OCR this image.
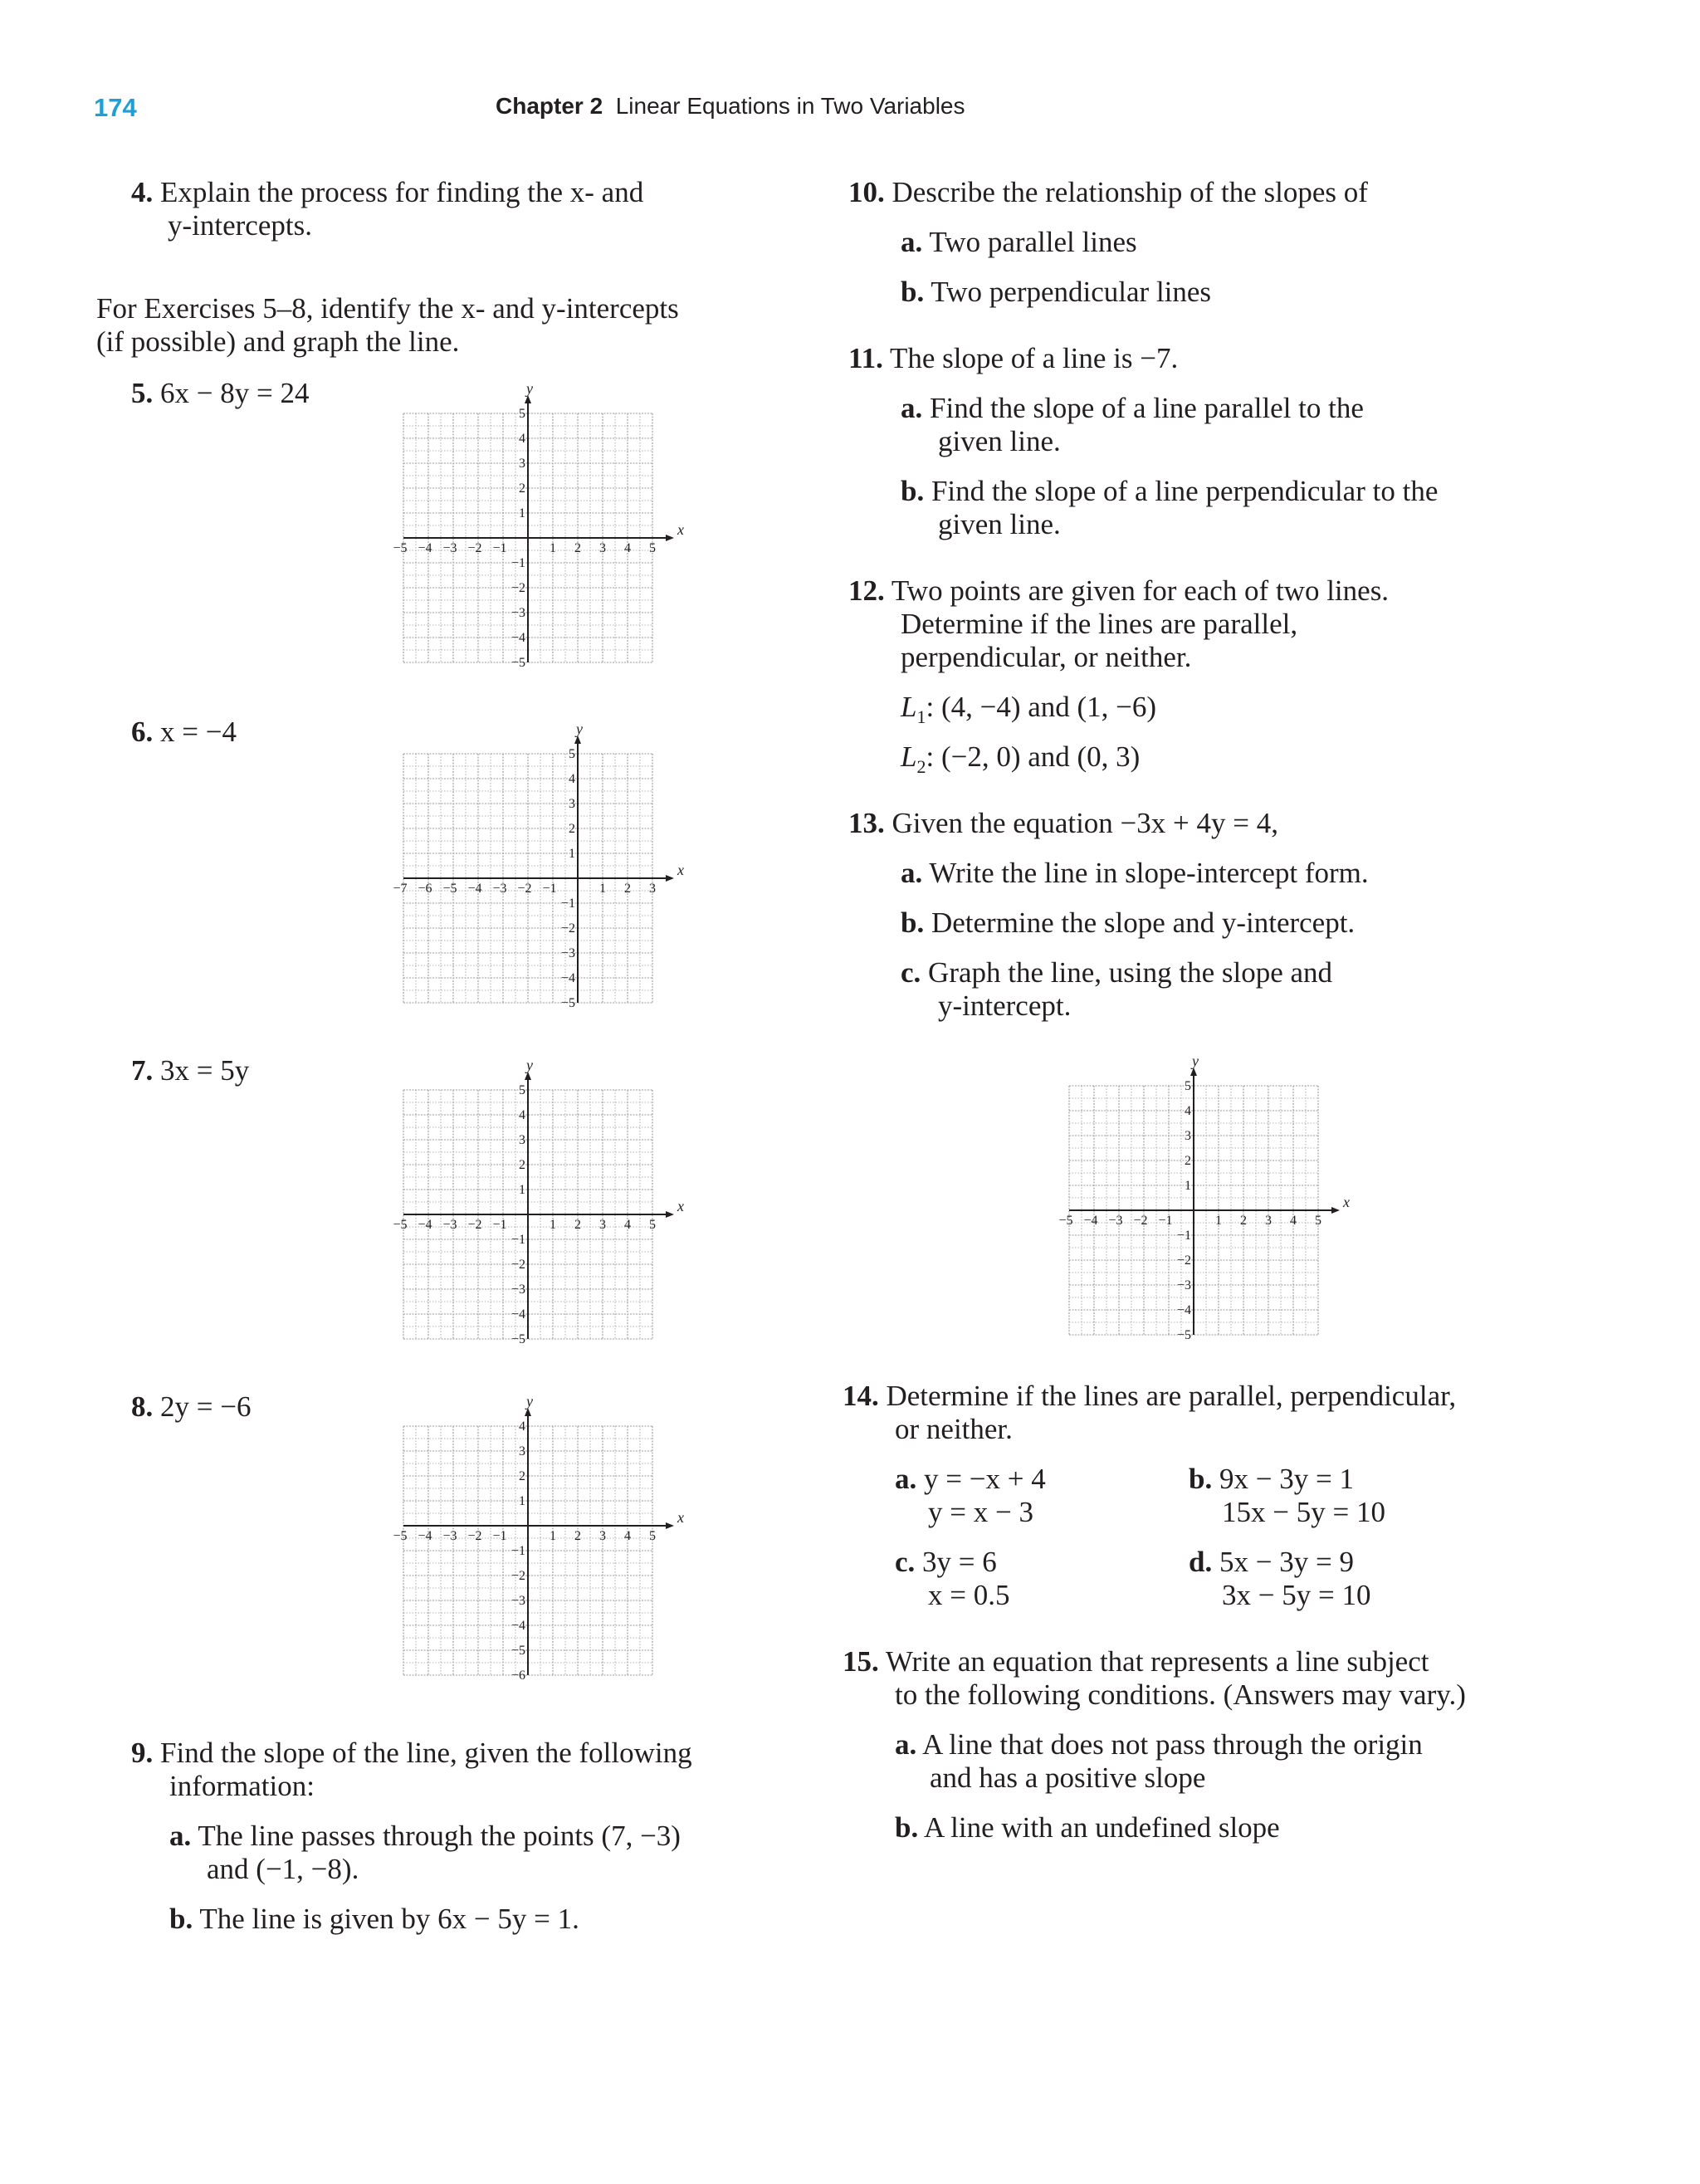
174	Chapter 2 Linear Equations in Two Variables
4. Explain the process for finding the x- and
y-intercepts.
For Exercises 5–8, identify the x- and y-intercepts
(if possible) and graph the line.
5. 6x − 8y = 24
6. x = −4
7. 3x = 5y
8. 2y = −6
x
y
−5 −4 −3 −2 −1	1 2 3 4 5
−5
−4
−3
−2
−1
1
2
3
4
5
x
y
−7 −6 −5 −4 −3 −2 −1	1 2 3
−5
−4
−3
−2
−1
1
2
3
4
5
x
y
−5 −4 −3 −2 −1	1 2 3 4 5
−5
−4
−3
−2
−1
1
2
3
4
5
x
y
−5 −4 −3 −2 −1	1 2 3 4 5
−6
−5
−4
−3
−2
−1
1
2
3
4
x
y
−5 −4 −3 −2 −1	1 2 3 4 5
−5
−4
−3
−2
−1
1
2
3
4
5
9. Find the slope of the line, given the following
information:
a. The line passes through the points (7, −3)
and (−1, −8).
b. The line is given by 6x − 5y = 1.
10. Describe the relationship of the slopes of
a. Two parallel lines
b. Two perpendicular lines
11. The slope of a line is −7.
a. Find the slope of a line parallel to the
given line.
b. Find the slope of a line perpendicular to the
given line.
12. Two points are given for each of two lines.
Determine if the lines are parallel,
perpendicular, or neither.
$L_1$: (4, −4) and (1, −6)
$L_2$: (−2, 0) and (0, 3)
13. Given the equation −3x + 4y = 4,
a. Write the line in slope-intercept form.
b. Determine the slope and y-intercept.
c. Graph the line, using the slope and
y-intercept.
14. Determine if the lines are parallel, perpendicular,
or neither.
a. y = −x + 4
y = x − 3
b. 9x − 3y = 1
15x − 5y = 10
c. 3y = 6
x = 0.5
d. 5x − 3y = 9
3x − 5y = 10
15. Write an equation that represents a line subject
to the following conditions. (Answers may vary.)
a. A line that does not pass through the origin
and has a positive slope
b. A line with an undefined slope
